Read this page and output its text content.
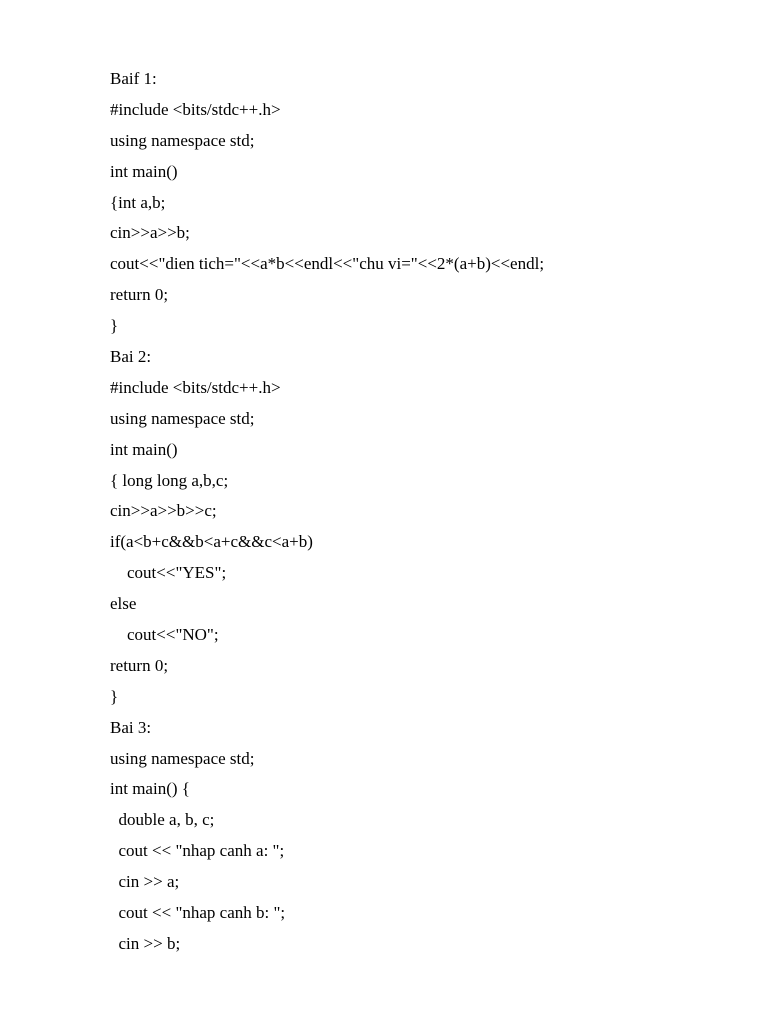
Baif 1:
#include <bits/stdc++.h>
using namespace std;
int main()
{int a,b;
cin>>a>>b;
cout<<"dien tich="<<a*b<<endl<<"chu vi="<<2*(a+b)<<endl;
return 0;
}
Bai 2:
#include <bits/stdc++.h>
using namespace std;
int main()
{ long long a,b,c;
cin>>a>>b>>c;
if(a<b+c&&b<a+c&&c<a+b)
cout<<"YES";
else
cout<<"NO";
return 0;
}
Bai 3:
using namespace std;
int main() {
double a, b, c;
cout << "nhap canh a: ";
cin >> a;
cout << "nhap canh b: ";
cin >> b;
